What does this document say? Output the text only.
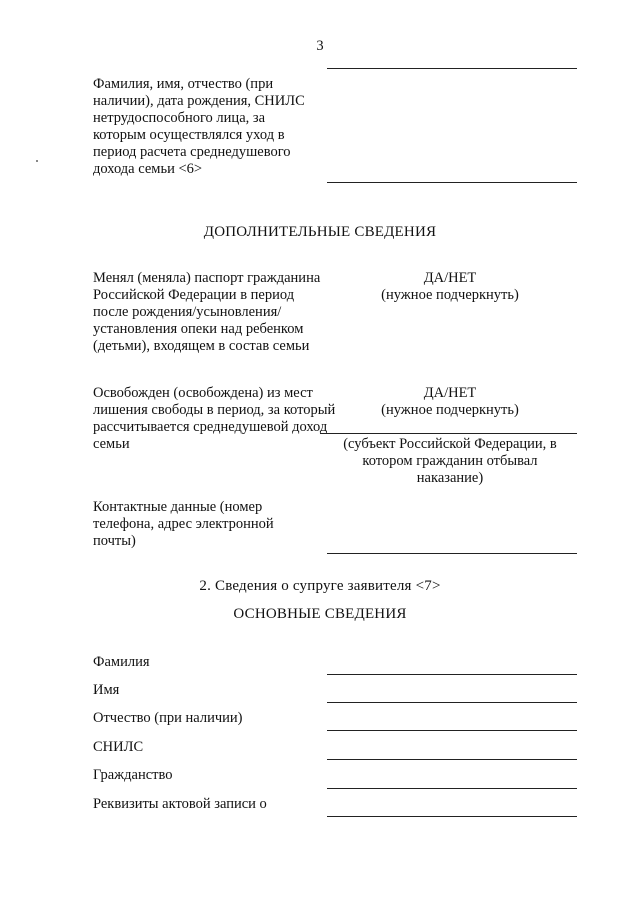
3
Фамилия, имя, отчество (при наличии), дата рождения, СНИЛС нетрудоспособного лица, за которым осуществлялся уход в период расчета среднедушевого дохода семьи <6>
ДОПОЛНИТЕЛЬНЫЕ СВЕДЕНИЯ
Менял (меняла) паспорт гражданина Российской Федерации в период после рождения/усыновления/установления опеки над ребенком (детьми), входящем в состав семьи
ДА/НЕТ
(нужное подчеркнуть)
Освобожден (освобождена) из мест лишения свободы в период, за который рассчитывается среднедушевой доход семьи
ДА/НЕТ
(нужное подчеркнуть)
(субъект Российской Федерации, в котором гражданин отбывал наказание)
Контактные данные (номер телефона, адрес электронной почты)
2. Сведения о супруге заявителя <7>
ОСНОВНЫЕ СВЕДЕНИЯ
Фамилия
Имя
Отчество (при наличии)
СНИЛС
Гражданство
Реквизиты актовой записи о
